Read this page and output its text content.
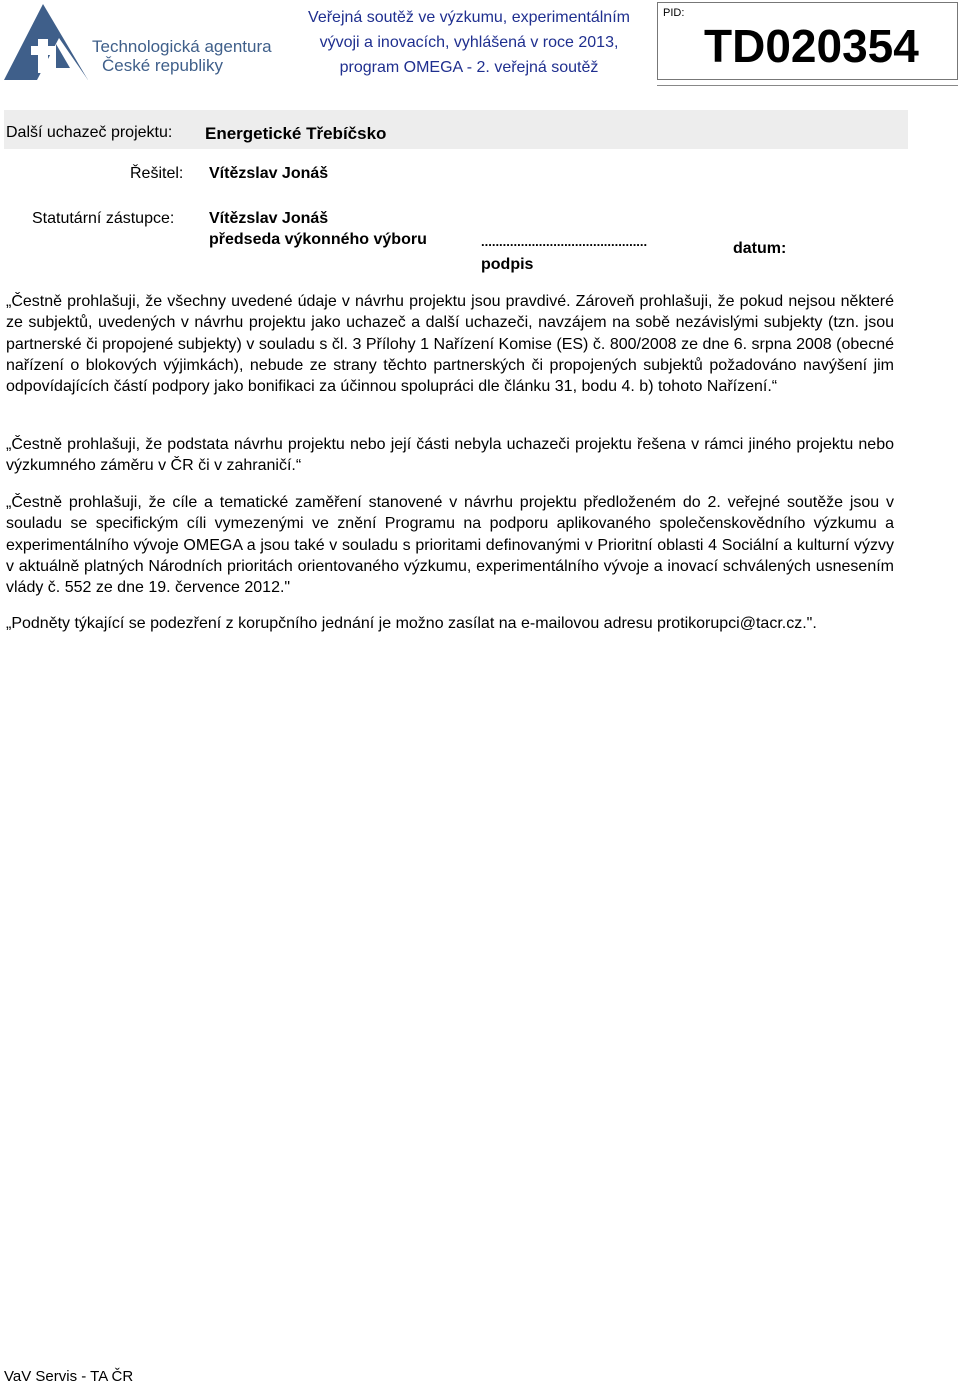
Technologická agentura
České republiky
Veřejná soutěž ve výzkumu, experimentálním
vývoji a inovacích, vyhlášená v roce 2013,
program OMEGA - 2. veřejná soutěž
PID:
TD020354
Další uchazeč projektu: Energetické Třebíčsko
Řešitel: Vítězslav Jonáš
Statutární zástupce: Vítězslav Jonáš
předseda výkonného výboru	..............................................
podpis
datum:
„Čestně prohlašuji, že všechny uvedené údaje v návrhu projektu jsou pravdivé. Zároveň prohlašuji, že pokud nejsou některé ze subjektů, uvedených v návrhu projektu jako uchazeč a další uchazeči, navzájem na sobě nezávislými subjekty (tzn. jsou partnerské či propojené subjekty) v souladu s čl. 3 Přílohy 1 Nařízení Komise (ES) č. 800/2008 ze dne 6. srpna 2008 (obecné nařízení o blokových výjimkách), nebude ze strany těchto partnerských či propojených subjektů požadováno navýšení jim odpovídajících částí podpory jako bonifikaci za účinnou spolupráci dle článku 31, bodu 4. b) tohoto Nařízení.“
„Čestně prohlašuji, že podstata návrhu projektu nebo její části nebyla uchazeči projektu řešena v rámci jiného projektu nebo výzkumného záměru v ČR či v zahraničí.“
„Čestně prohlašuji, že cíle a tematické zaměření stanovené v návrhu projektu předloženém do 2. veřejné soutěže jsou v souladu se specifickým cíli vymezenými ve znění Programu na podporu aplikovaného společenskovědního výzkumu a experimentálního vývoje OMEGA a jsou také v souladu s prioritami definovanými v Prioritní oblasti 4 Sociální a kulturní výzvy v aktuálně platných Národních prioritách orientovaného výzkumu, experimentálního vývoje a inovací schválených usnesením vlády č. 552 ze dne 19. července 2012."
„Podněty týkající se podezření z korupčního jednání je možno zasílat na e-mailovou adresu protikorupci@tacr.cz.".
VaV Servis - TA ČR
